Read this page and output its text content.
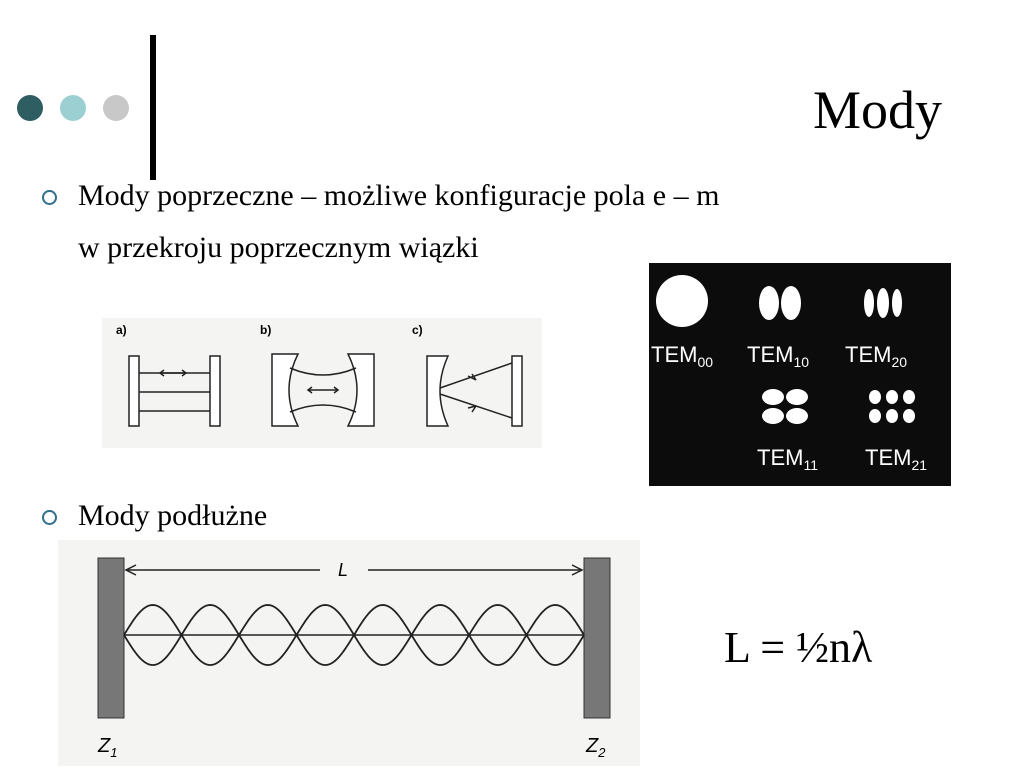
Mody
Mody poprzeczne – możliwe konfiguracje pola e – m
w przekroju poprzecznym wiązki
a)	b)	c)
$TEM_{00}$ $TEM_{10}$ $TEM_{20}$
$TEM_{11}$ $TEM_{21}$
Mody podłużne
L
$Z_1$	$Z_2$
L = ½nλ
